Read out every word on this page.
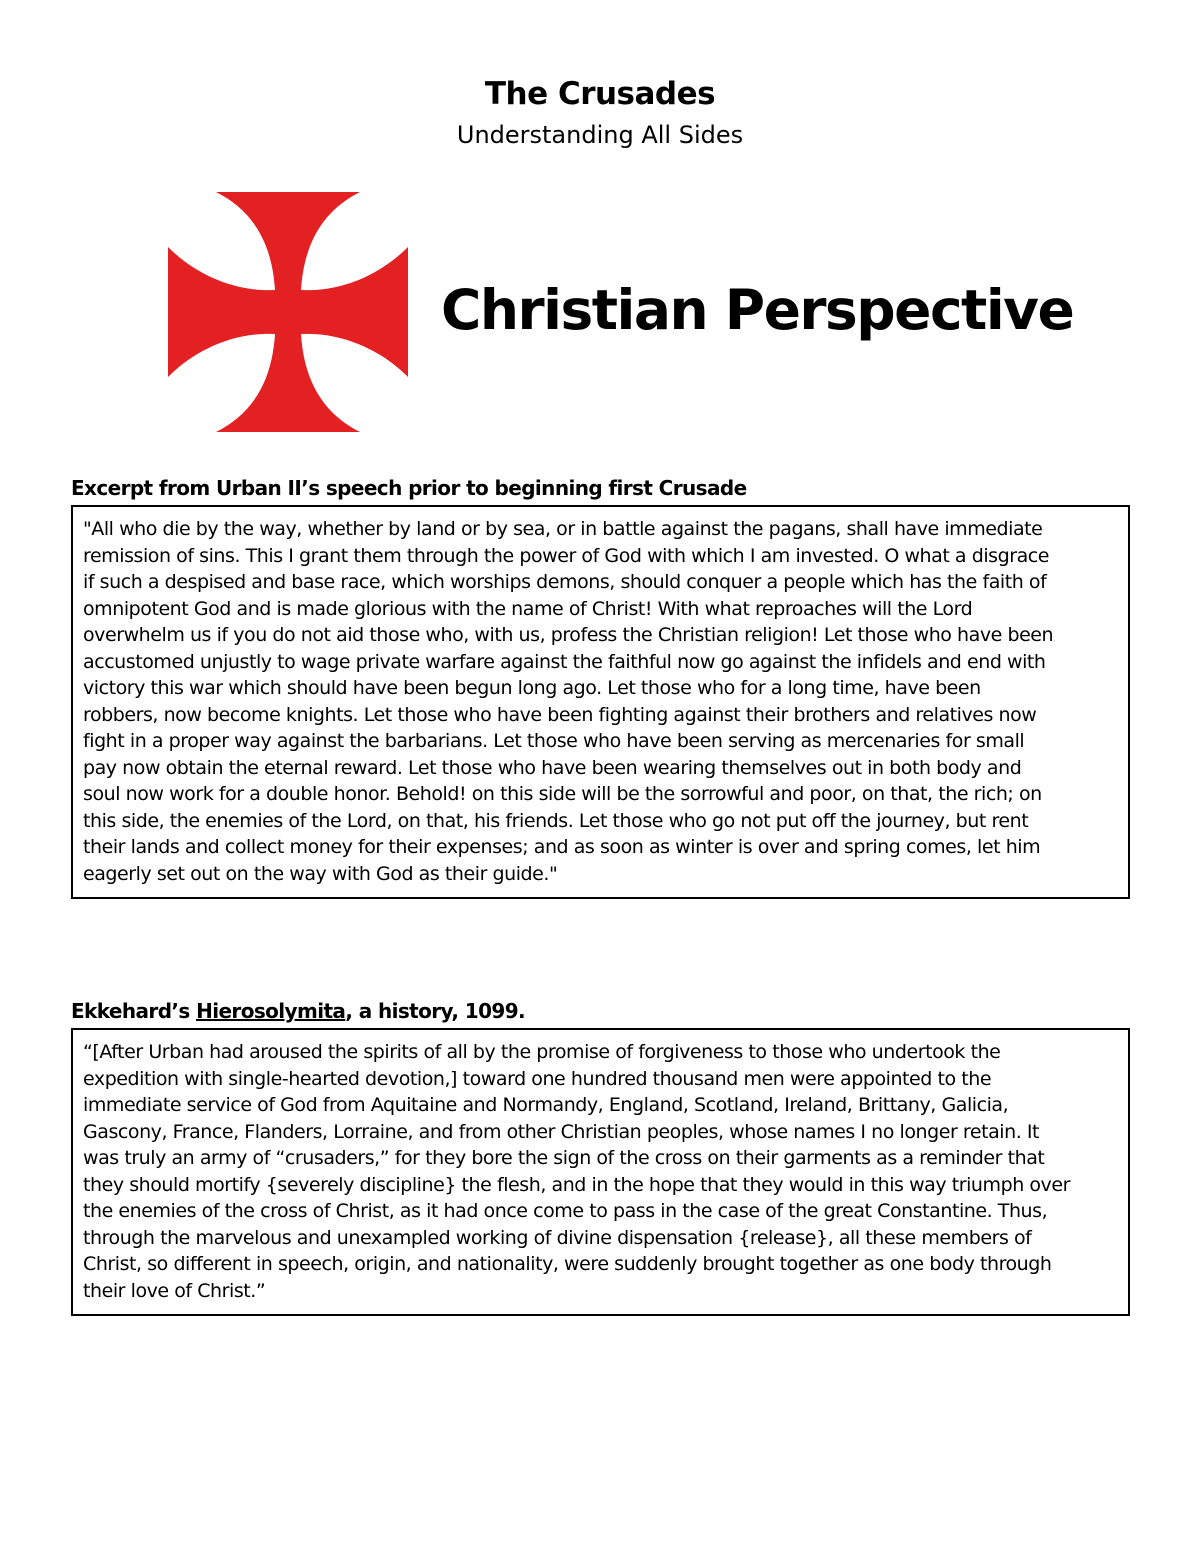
The Crusades
Understanding All Sides
Christian Perspective
Excerpt from Urban II’s speech prior to beginning first Crusade

"All who die by the way, whether by land or by sea, or in battle against the pagans, shall have immediate

remission of sins. This I grant them through the power of God with which I am invested. O what a disgrace

if such a despised and base race, which worships demons, should conquer a people which has the faith of

omnipotent God and is made glorious with the name of Christ! With what reproaches will the Lord

overwhelm us if you do not aid those who, with us, profess the Christian religion! Let those who have been

accustomed unjustly to wage private warfare against the faithful now go against the infidels and end with

victory this war which should have been begun long ago. Let those who for a long time, have been

robbers, now become knights. Let those who have been fighting against their brothers and relatives now

fight in a proper way against the barbarians. Let those who have been serving as mercenaries for small

pay now obtain the eternal reward. Let those who have been wearing themselves out in both body and

soul now work for a double honor. Behold! on this side will be the sorrowful and poor, on that, the rich; on

this side, the enemies of the Lord, on that, his friends. Let those who go not put off the journey, but rent

their lands and collect money for their expenses; and as soon as winter is over and spring comes, let him

eagerly set out on the way with God as their guide."

Ekkehard’s Hierosolymita, a history, 1099.

“[After Urban had aroused the spirits of all by the promise of forgiveness to those who undertook the

expedition with single-hearted devotion,] toward one hundred thousand men were appointed to the

immediate service of God from Aquitaine and Normandy, England, Scotland, Ireland, Brittany, Galicia,

Gascony, France, Flanders, Lorraine, and from other Christian peoples, whose names I no longer retain. It

was truly an army of “crusaders,” for they bore the sign of the cross on their garments as a reminder that

they should mortify {severely discipline} the flesh, and in the hope that they would in this way triumph over

the enemies of the cross of Christ, as it had once come to pass in the case of the great Constantine. Thus,

through the marvelous and unexampled working of divine dispensation {release}, all these members of

Christ, so different in speech, origin, and nationality, were suddenly brought together as one body through

their love of Christ.”
